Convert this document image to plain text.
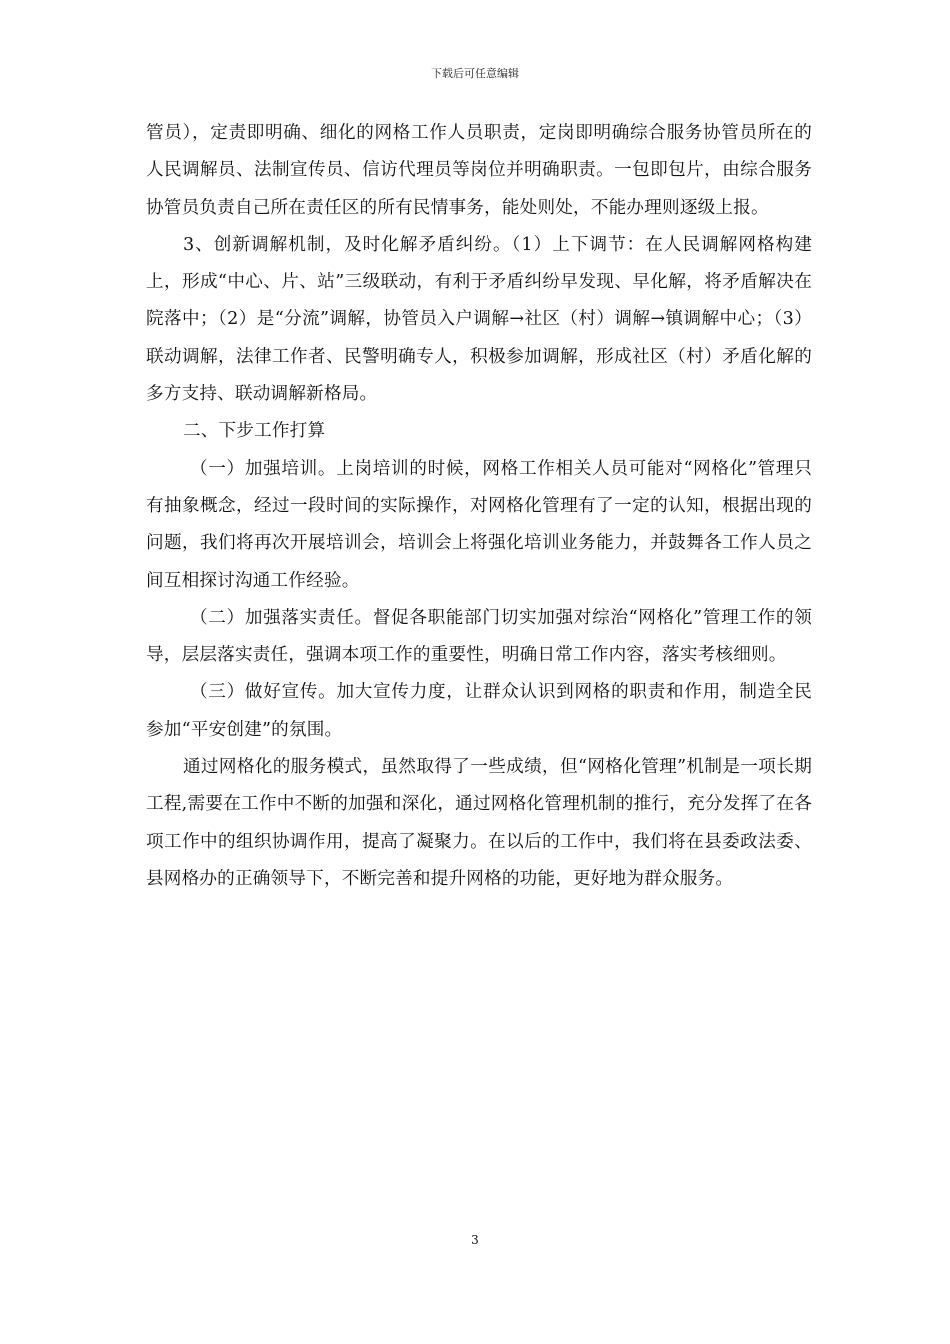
下载后可任意编辑

管员），定责即明确、细化的网格工作人员职责，定岗即明确综合服务协管员所在的人民调解员、法制宣传员、信访代理员等岗位并明确职责。一包即包片，由综合服务协管员负责自己所在责任区的所有民情事务，能处则处，不能办理则逐级上报。

3、创新调解机制，及时化解矛盾纠纷。（1）上下调节：在人民调解网格构建上，形成“中心、片、站”三级联动，有利于矛盾纠纷早发现、早化解，将矛盾解决在院落中；（2）是“分流”调解，协管员入户调解→社区（村）调解→镇调解中心；（3）联动调解，法律工作者、民警明确专人，积极参加调解，形成社区（村）矛盾化解的多方支持、联动调解新格局。

二、下步工作打算

（一）加强培训。上岗培训的时候，网格工作相关人员可能对“网格化”管理只有抽象概念，经过一段时间的实际操作，对网格化管理有了一定的认知，根据出现的问题，我们将再次开展培训会，培训会上将强化培训业务能力，并鼓舞各工作人员之间互相探讨沟通工作经验。

（二）加强落实责任。督促各职能部门切实加强对综治“网格化”管理工作的领导，层层落实责任，强调本项工作的重要性，明确日常工作内容，落实考核细则。

（三）做好宣传。加大宣传力度，让群众认识到网格的职责和作用，制造全民参加“平安创建”的氛围。

通过网格化的服务模式，虽然取得了一些成绩，但“网格化管理”机制是一项长期工程,需要在工作中不断的加强和深化，通过网格化管理机制的推行，充分发挥了在各项工作中的组织协调作用，提高了凝聚力。在以后的工作中，我们将在县委政法委、县网格办的正确领导下，不断完善和提升网格的功能，更好地为群众服务。

3
